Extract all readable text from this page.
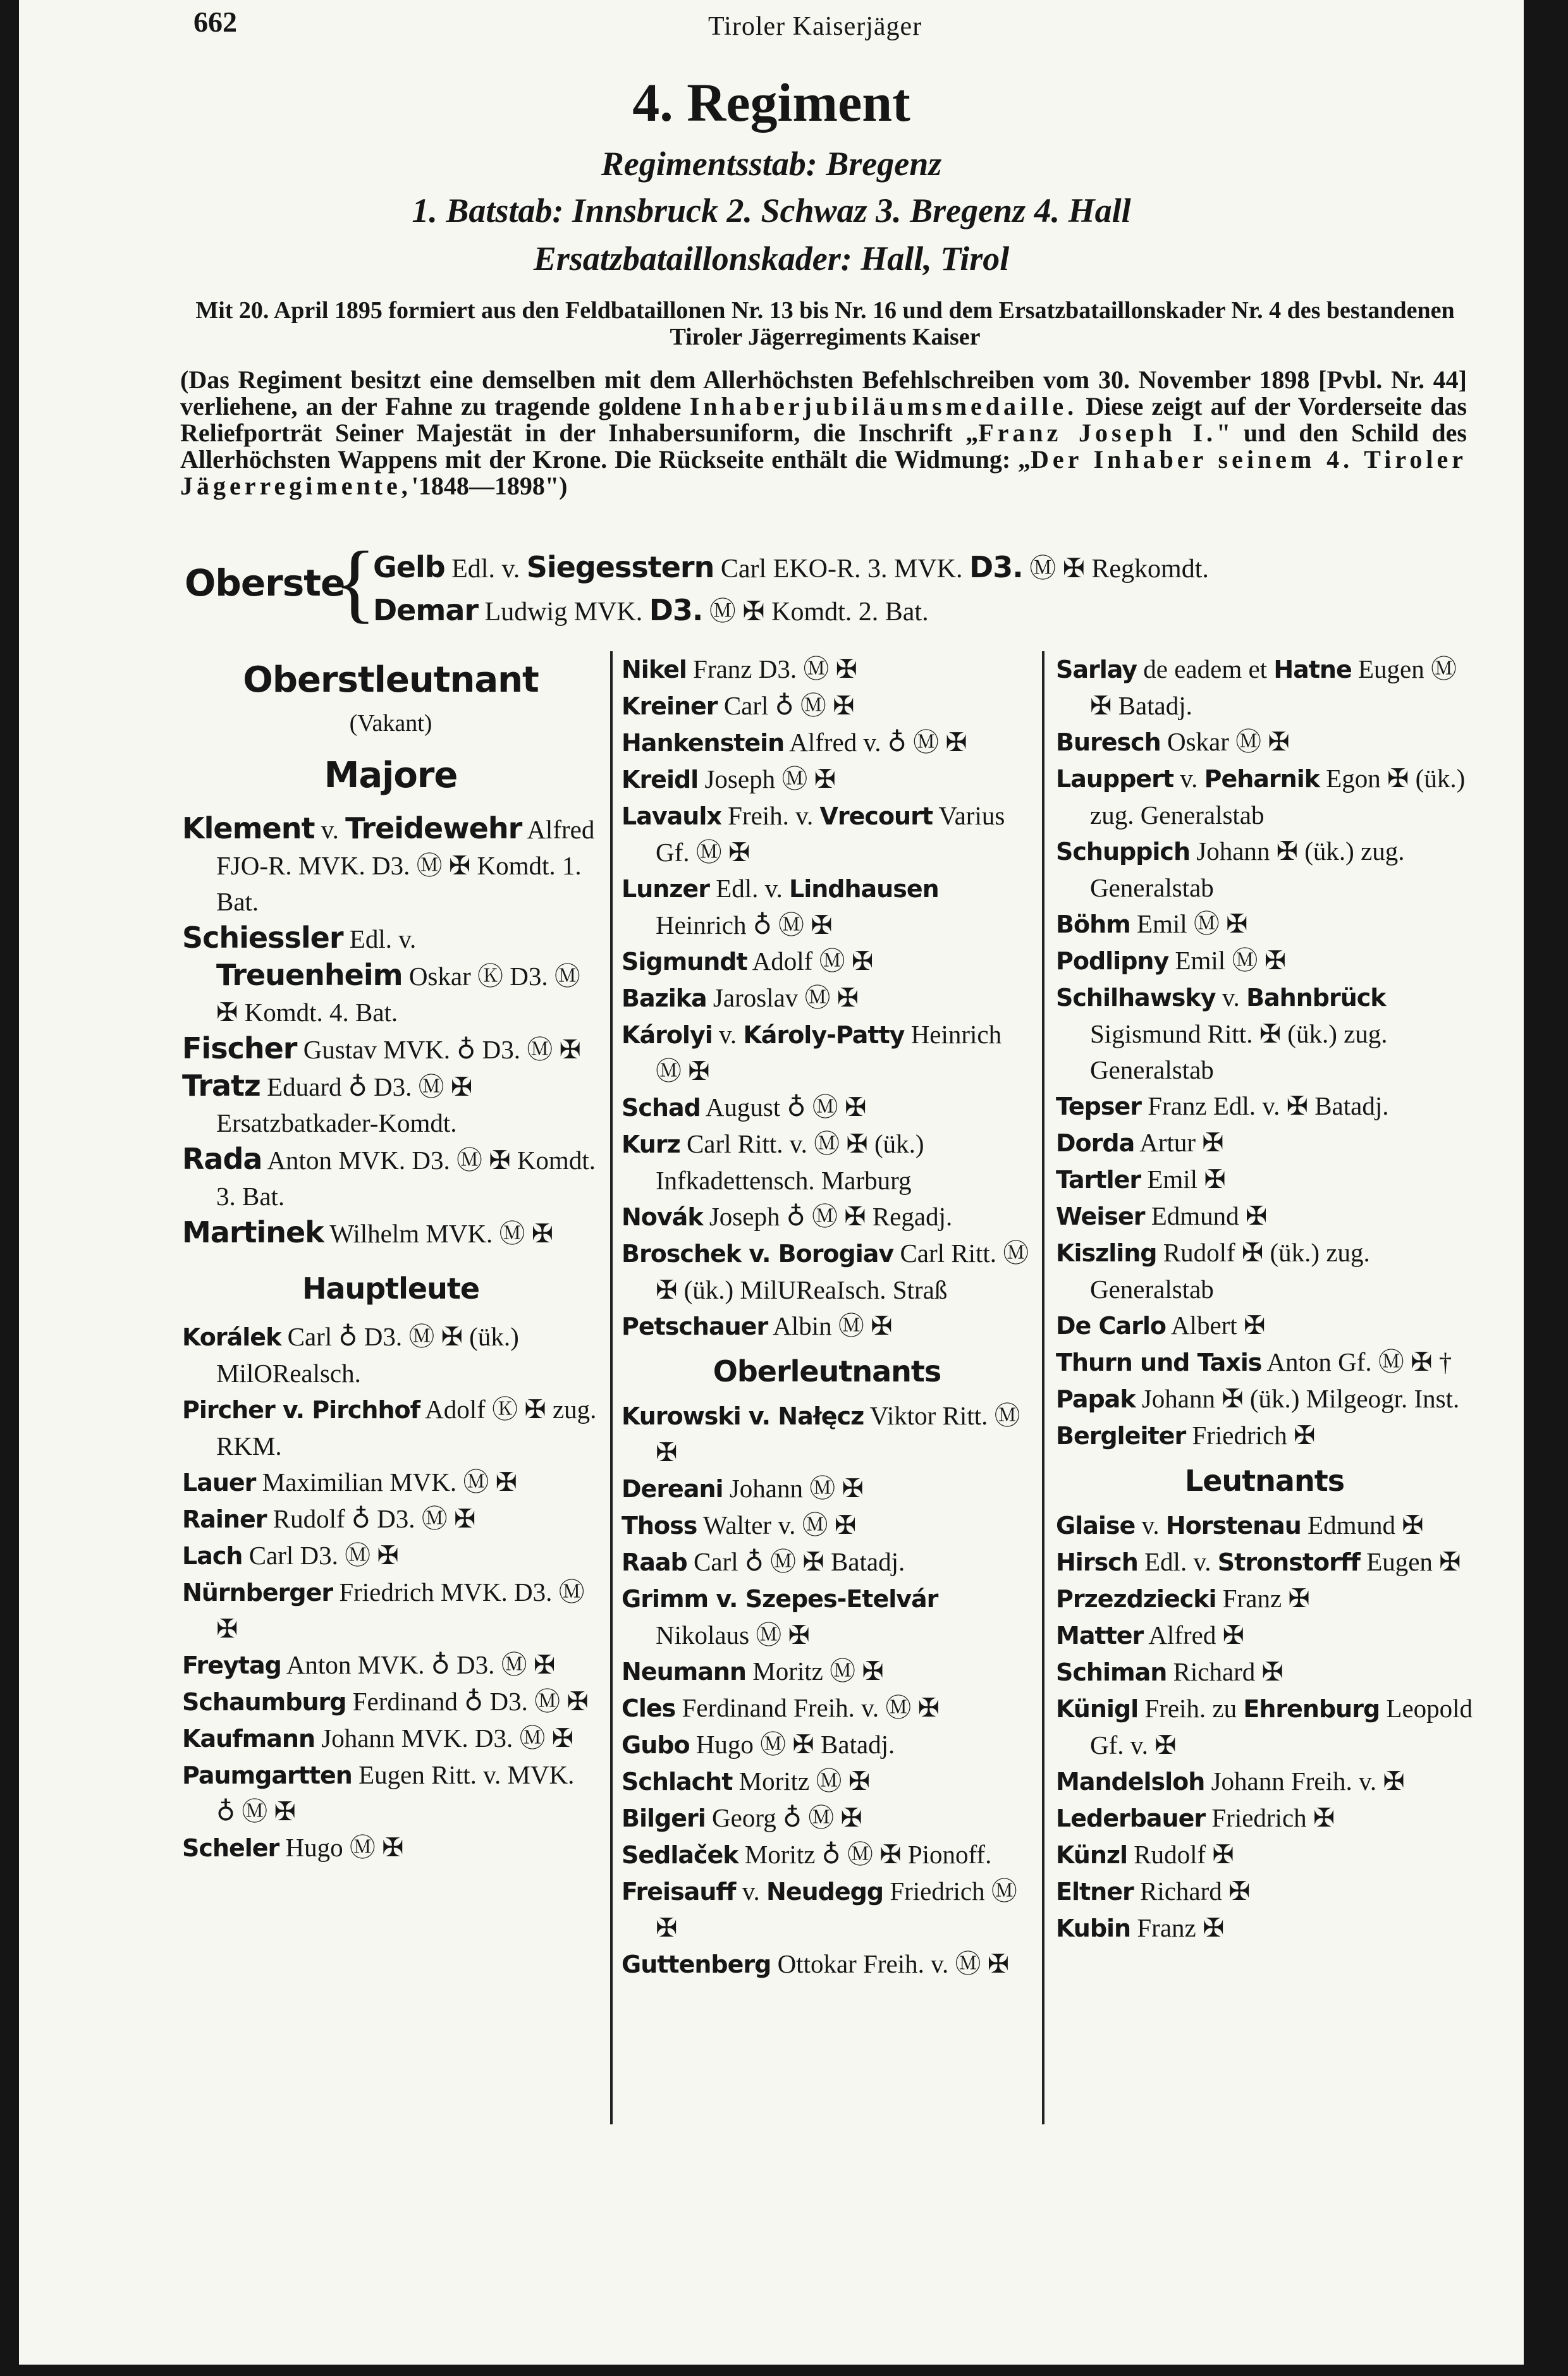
662	Tiroler Kaiserjäger
4. Regiment
Regimentsstab: Bregenz
1. Batstab: Innsbruck 2. Schwaz 3. Bregenz 4. Hall
Ersatzbataillonskader: Hall, Tirol
Mit 20. April 1895 formiert aus den Feldbataillonen Nr. 13 bis Nr. 16 und dem Ersatzbataillonskader Nr. 4 des bestandenen Tiroler Jägerregiments Kaiser
(Das Regiment besitzt eine demselben mit dem Allerhöchsten Befehlschreiben vom 30. November 1898 [Pvbl. Nr. 44] verliehene, an der Fahne zu tragende goldene Inhaberjubiläumsmedaille. Diese zeigt auf der Vorderseite das Reliefporträt Seiner Majestät in der Inhabersuniform, die Inschrift „Franz Joseph I." und den Schild des Allerhöchsten Wappens mit der Krone. Die Rückseite enthält die Widmung: „Der Inhaber seinem 4. Tiroler Jägerregimente,'1848—1898")
Oberste
{
Gelb Edl. v. Siegesstern Carl EKO-R. 3. MVK. D3. Ⓜ ✠ Regkomdt.
Demar Ludwig MVK. D3. Ⓜ ✠ Komdt. 2. Bat.
Oberstleutnant
(Vakant)
Majore
Klement v. Treidewehr Alfred FJO-R. MVK. D3. Ⓜ ✠ Komdt. 1. Bat.
Schiessler Edl. v. Treuenheim Oskar Ⓚ D3. Ⓜ ✠ Komdt. 4. Bat.
Fischer Gustav MVK. ♁ D3. Ⓜ ✠
Tratz Eduard ♁ D3. Ⓜ ✠ Ersatzbatkader-Komdt.
Rada Anton MVK. D3. Ⓜ ✠ Komdt. 3. Bat.
Martinek Wilhelm MVK. Ⓜ ✠
Hauptleute
Korálek Carl ♁ D3. Ⓜ ✠ (ük.) MilORealsch.
Pircher v. Pirchhof Adolf Ⓚ ✠ zug. RKM.
Lauer Maximilian MVK. Ⓜ ✠
Rainer Rudolf ♁ D3. Ⓜ ✠
Lach Carl D3. Ⓜ ✠
Nürnberger Friedrich MVK. D3. Ⓜ ✠
Freytag Anton MVK. ♁ D3. Ⓜ ✠
Schaumburg Ferdinand ♁ D3. Ⓜ ✠
Kaufmann Johann MVK. D3. Ⓜ ✠
Paumgartten Eugen Ritt. v. MVK. ♁ Ⓜ ✠
Scheler Hugo Ⓜ ✠
Nikel Franz D3. Ⓜ ✠
Kreiner Carl ♁ Ⓜ ✠
Hankenstein Alfred v. ♁ Ⓜ ✠
Kreidl Joseph Ⓜ ✠
Lavaulx Freih. v. Vrecourt Varius Gf. Ⓜ ✠
Lunzer Edl. v. Lindhausen Heinrich ♁ Ⓜ ✠
Sigmundt Adolf Ⓜ ✠
Bazika Jaroslav Ⓜ ✠
Károlyi v. Károly-Patty Heinrich Ⓜ ✠
Schad August ♁ Ⓜ ✠
Kurz Carl Ritt. v. Ⓜ ✠ (ük.) Infkadettensch. Marburg
Novák Joseph ♁ Ⓜ ✠ Regadj.
Broschek v. Borogiav Carl Ritt. Ⓜ ✠ (ük.) MilUReaIsch. Straß
Petschauer Albin Ⓜ ✠
Oberleutnants
Kurowski v. Nałęcz Viktor Ritt. Ⓜ ✠
Dereani Johann Ⓜ ✠
Thoss Walter v. Ⓜ ✠
Raab Carl ♁ Ⓜ ✠ Batadj.
Grimm v. Szepes-Etelvár Nikolaus Ⓜ ✠
Neumann Moritz Ⓜ ✠
Cles Ferdinand Freih. v. Ⓜ ✠
Gubo Hugo Ⓜ ✠ Batadj.
Schlacht Moritz Ⓜ ✠
Bilgeri Georg ♁ Ⓜ ✠
Sedlaček Moritz ♁ Ⓜ ✠ Pionoff.
Freisauff v. Neudegg Friedrich Ⓜ ✠
Guttenberg Ottokar Freih. v. Ⓜ ✠
Sarlay de eadem et Hatne Eugen Ⓜ ✠ Batadj.
Buresch Oskar Ⓜ ✠
Lauppert v. Peharnik Egon ✠ (ük.) zug. Generalstab
Schuppich Johann ✠ (ük.) zug. Generalstab
Böhm Emil Ⓜ ✠
Podlipny Emil Ⓜ ✠
Schilhawsky v. Bahnbrück Sigismund Ritt. ✠ (ük.) zug. Generalstab
Tepser Franz Edl. v. ✠ Batadj.
Dorda Artur ✠
Tartler Emil ✠
Weiser Edmund ✠
Kiszling Rudolf ✠ (ük.) zug. Generalstab
De Carlo Albert ✠
Thurn und Taxis Anton Gf. Ⓜ ✠ †
Papak Johann ✠ (ük.) Milgeogr. Inst.
Bergleiter Friedrich ✠
Leutnants
Glaise v. Horstenau Edmund ✠
Hirsch Edl. v. Stronstorff Eugen ✠
Przezdziecki Franz ✠
Matter Alfred ✠
Schiman Richard ✠
Künigl Freih. zu Ehrenburg Leopold Gf. v. ✠
Mandelsloh Johann Freih. v. ✠
Lederbauer Friedrich ✠
Künzl Rudolf ✠
Eltner Richard ✠
Kubin Franz ✠
